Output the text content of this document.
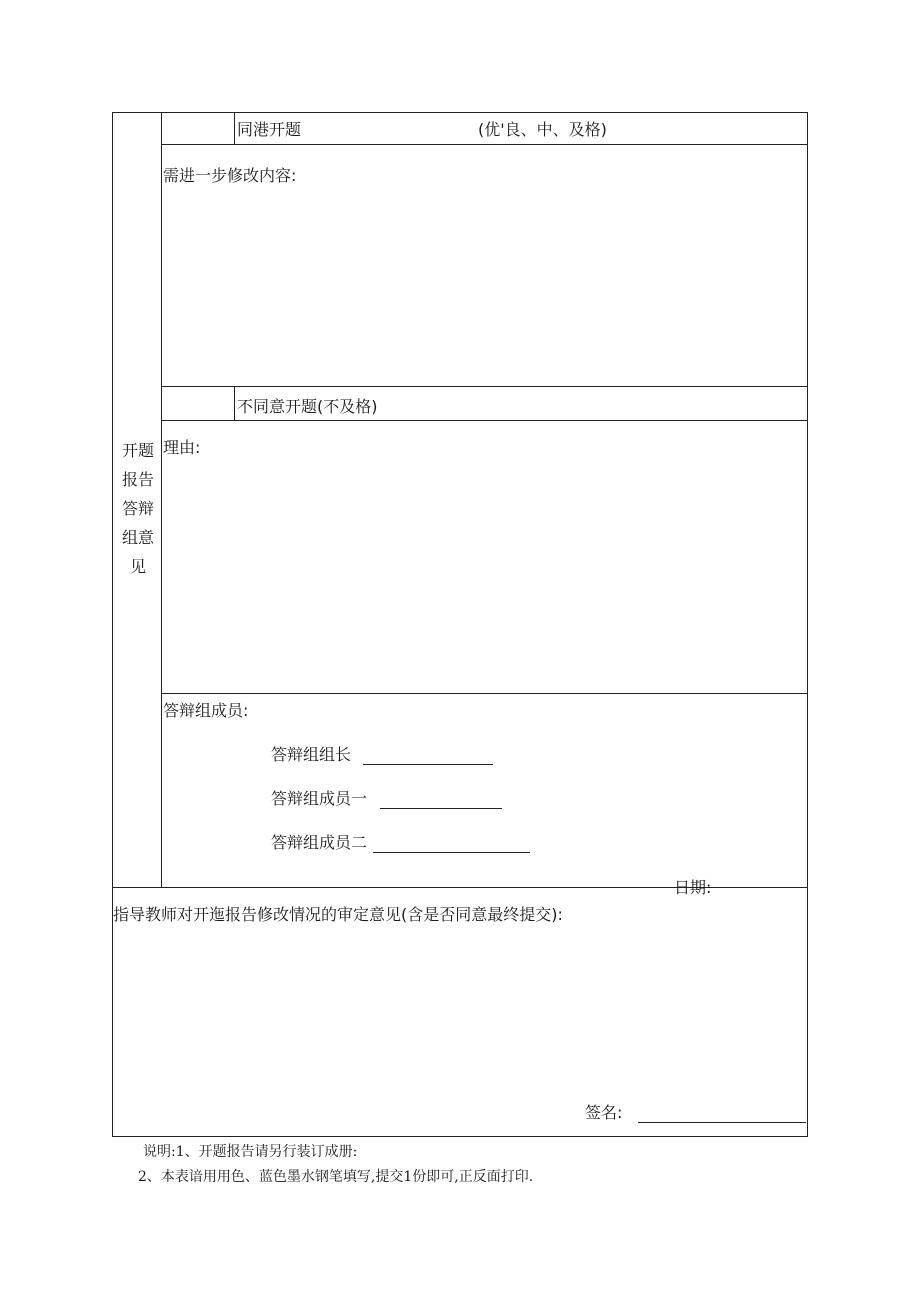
开题
报告
答辩
组意
见
同港开题	(优'良、中、及格)
需进一步修改内容:
不同意开题(不及格)
理由:
答辩组成员:
答辩组组长
答辩组成员一
答辩组成员二
日期:
指导教师对开迤报告修改情况的审定意见(含是否同意最终提交):
签名:
说明:1、开题报告请另行装订成册:
2、本表谙用用色、蓝色墨水钢笔填写,提交1份即可,正反面打印.
